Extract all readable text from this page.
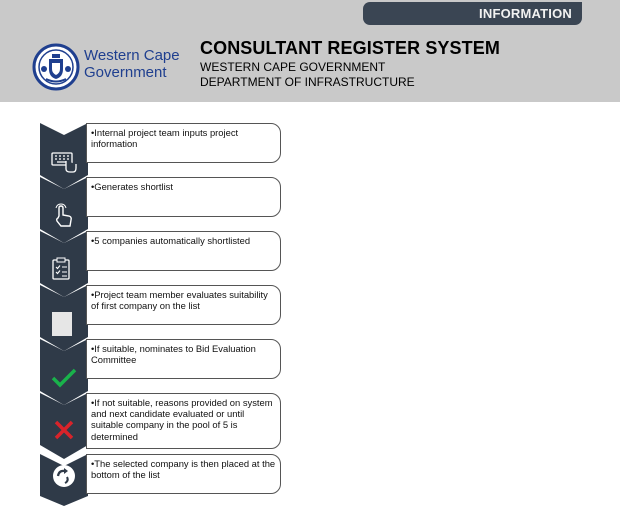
INFORMATION
Western Cape
Government
CONSULTANT REGISTER SYSTEM
WESTERN CAPE GOVERNMENT
DEPARTMENT OF INFRASTRUCTURE
•Internal project team inputs project information
•Generates shortlist
•5 companies automatically shortlisted
•Project team member evaluates suitability of first company on the list
•If suitable, nominates to Bid Evaluation Committee
•If not suitable, reasons provided on system and next candidate evaluated or until suitable company in the pool of 5 is determined
•The selected company is then placed at the bottom of the list
